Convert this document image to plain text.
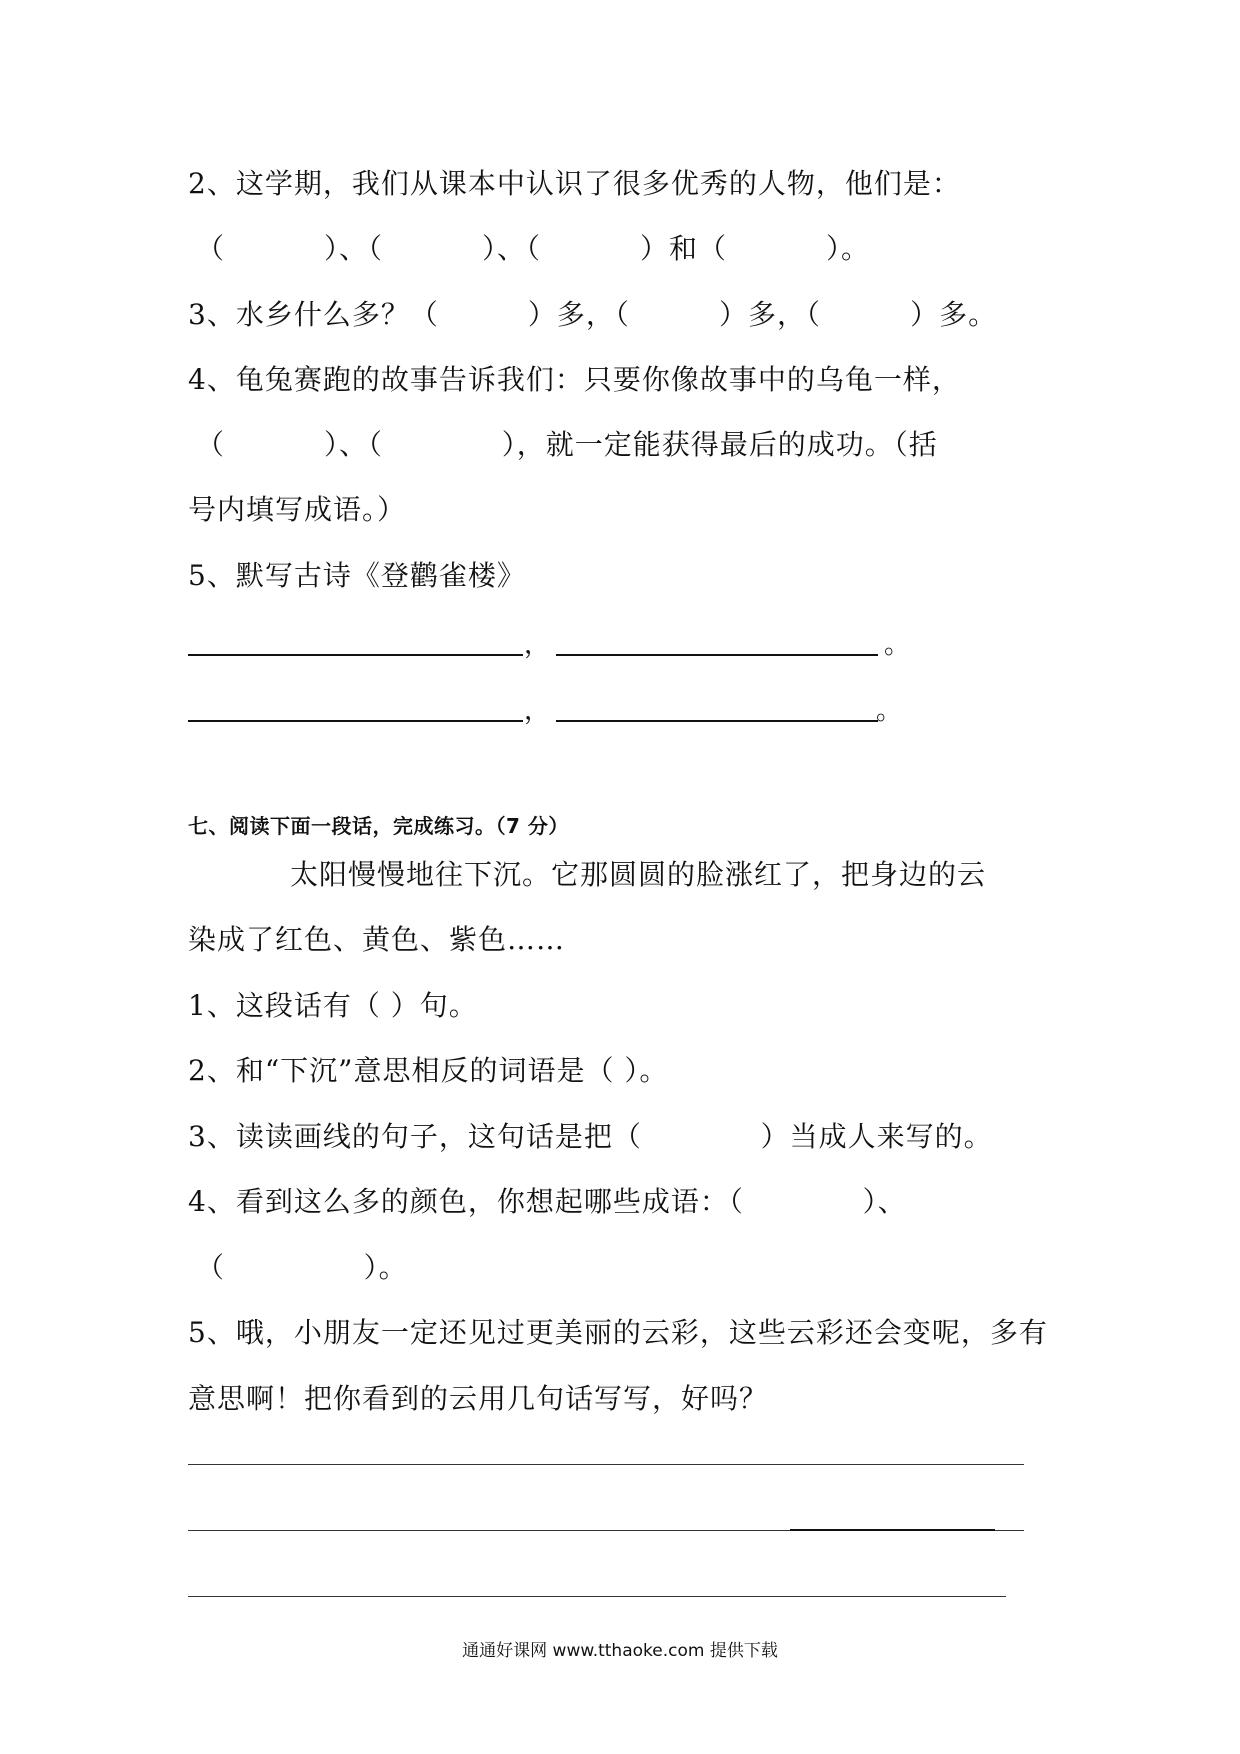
2、这学期，我们从课本中认识了很多优秀的人物，他们是：
（          ）、（          ）、（          ）和（          ）。
3、水乡什么多？（         ）多，（         ）多，（         ）多。
4、龟兔赛跑的故事告诉我们：只要你像故事中的乌龟一样，
（          ）、（            ），就一定能获得最后的成功。（括
号内填写成语。）
5、默写古诗《登鹳雀楼》
，	。
，	。
七、阅读下面一段话，完成练习。（7 分）
太阳慢慢地往下沉。它那圆圆的脸涨红了，把身边的云
染成了红色、黄色、紫色……
1、这段话有（ ）句。
2、和“下沉”意思相反的词语是（ ）。
3、读读画线的句子，这句话是把（            ）当成人来写的。
4、看到这么多的颜色，你想起哪些成语：（            ）、
（              ）。
5、哦，小朋友一定还见过更美丽的云彩，这些云彩还会变呢，多有
意思啊！把你看到的云用几句话写写，好吗？
通通好课网 www.tthaoke.com 提供下载
